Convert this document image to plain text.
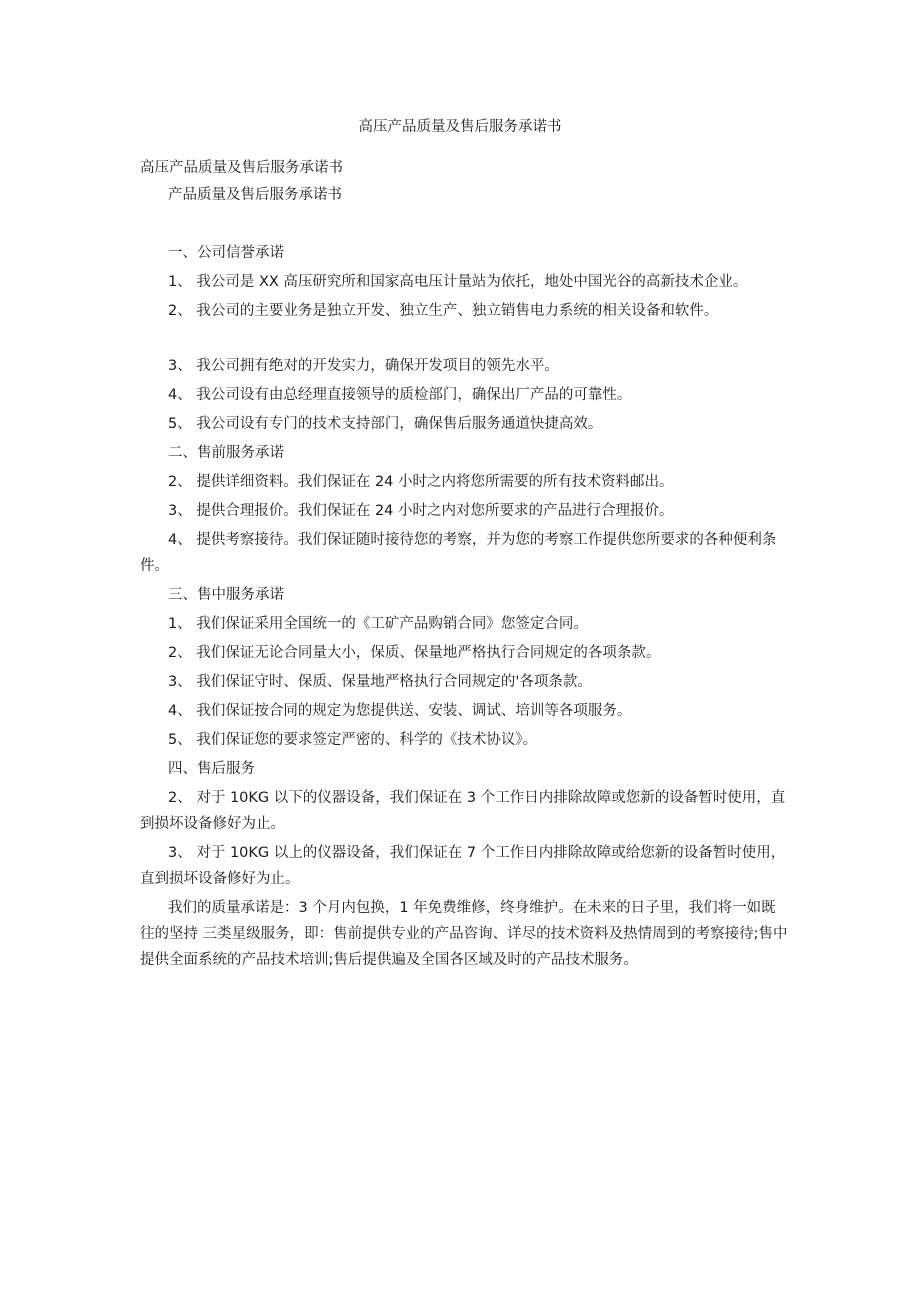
高压产品质量及售后服务承诺书
高压产品质量及售后服务承诺书
产品质量及售后服务承诺书
一、公司信誉承诺
1、 我公司是 XX 高压研究所和国家高电压计量站为依托，地处中国光谷的高新技术企业。
2、 我公司的主要业务是独立开发、独立生产、独立销售电力系统的相关设备和软件。
3、 我公司拥有绝对的开发实力，确保开发项目的领先水平。
4、 我公司设有由总经理直接领导的质检部门，确保出厂产品的可靠性。
5、 我公司设有专门的技术支持部门，确保售后服务通道快捷高效。
二、售前服务承诺
2、 提供详细资料。我们保证在 24 小时之内将您所需要的所有技术资料邮出。
3、 提供合理报价。我们保证在 24 小时之内对您所要求的产品进行合理报价。
4、 提供考察接待。我们保证随时接待您的考察，并为您的考察工作提供您所要求的各种便利条件。
三、售中服务承诺
1、 我们保证采用全国统一的《工矿产品购销合同》您签定合同。
2、 我们保证无论合同量大小，保质、保量地严格执行合同规定的各项条款。
3、 我们保证守时、保质、保量地严格执行合同规定的'各项条款。
4、 我们保证按合同的规定为您提供送、安装、调试、培训等各项服务。
5、 我们保证您的要求签定严密的、科学的《技术协议》。
四、售后服务
2、 对于 10KG 以下的仪器设备，我们保证在 3 个工作日内排除故障或您新的设备暂时使用，直到损坏设备修好为止。
3、 对于 10KG 以上的仪器设备，我们保证在 7 个工作日内排除故障或给您新的设备暂时使用，直到损坏设备修好为止。
我们的质量承诺是：3 个月内包换，1 年免费维修，终身维护。在未来的日子里，我们将一如既往的坚持 三类星级服务，即：售前提供专业的产品咨询、详尽的技术资料及热情周到的考察接待;售中提供全面系统的产品技术培训;售后提供遍及全国各区域及时的产品技术服务。
